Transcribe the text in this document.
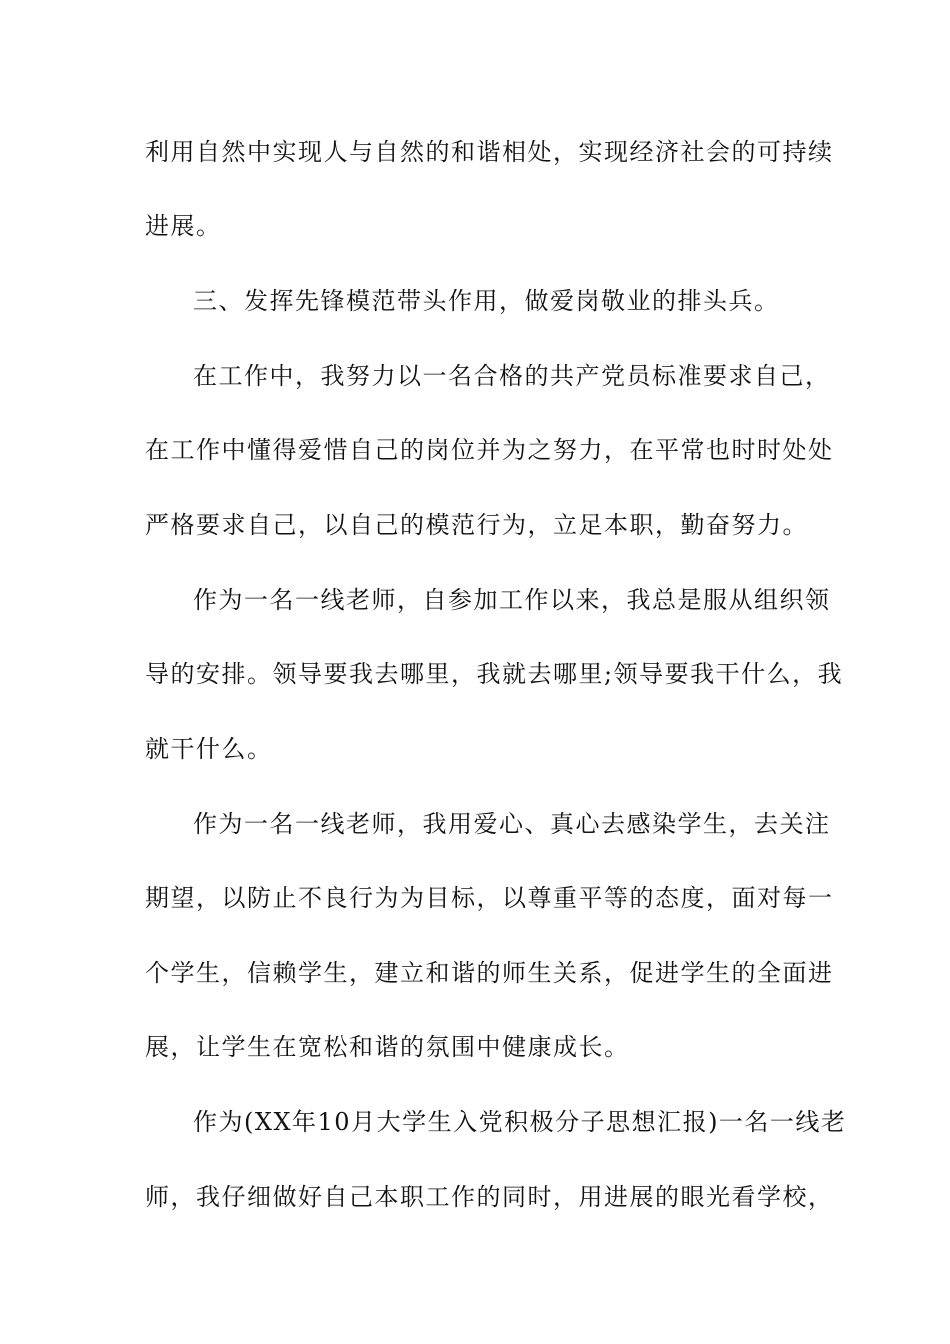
利用自然中实现人与自然的和谐相处，实现经济社会的可持续
进展。
三、发挥先锋模范带头作用，做爱岗敬业的排头兵。
在工作中，我努力以一名合格的共产党员标准要求自己，
在工作中懂得爱惜自己的岗位并为之努力，在平常也时时处处
严格要求自己，以自己的模范行为，立足本职，勤奋努力。
作为一名一线老师，自参加工作以来，我总是服从组织领
导的安排。领导要我去哪里，我就去哪里;领导要我干什么，我
就干什么。
作为一名一线老师，我用爱心、真心去感染学生，去关注
期望，以防止不良行为为目标，以尊重平等的态度，面对每一
个学生，信赖学生，建立和谐的师生关系，促进学生的全面进
展，让学生在宽松和谐的氛围中健康成长。
作为(XX年10月大学生入党积极分子思想汇报)一名一线老
师，我仔细做好自己本职工作的同时，用进展的眼光看学校，
